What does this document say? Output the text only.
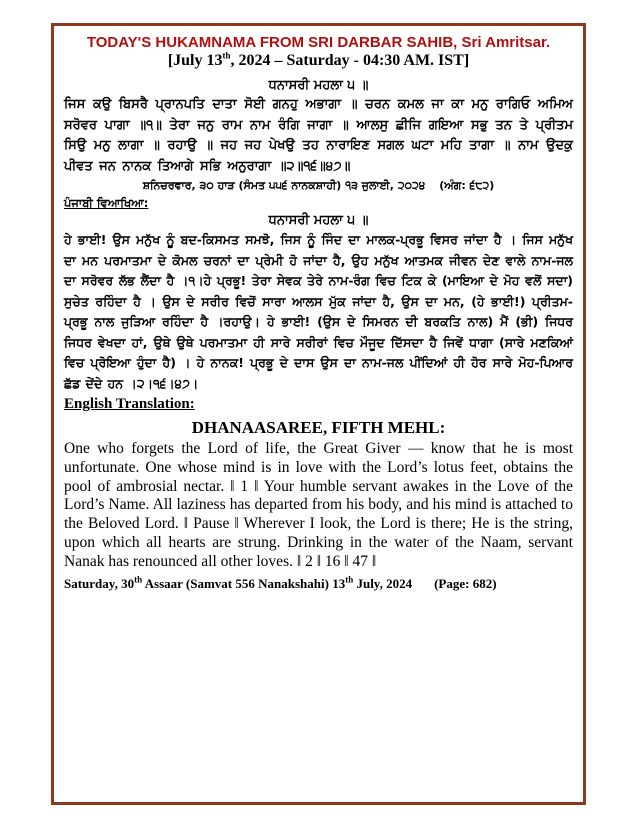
TODAY'S HUKAMNAMA FROM SRI DARBAR SAHIB, Sri Amritsar.
[July 13th, 2024 – Saturday - 04:30 AM. IST]
ਧਨਾਸਰੀ ਮਹਲਾ ੫ ॥
ਜਿਸ ਕਉ ਬਿਸਰੈ ਪ੍ਰਾਨਪਤਿ ਦਾਤਾ ਸੋਈ ਗਨਹੁ ਅਭਾਗਾ ॥ ਚਰਨ ਕਮਲ ਜਾ ਕਾ ਮਨੁ ਰਾਗਿਓ ਅਮਿਅ ਸਰੋਵਰ ਪਾਗਾ ॥੧॥ ਤੇਰਾ ਜਨੁ ਰਾਮ ਨਾਮ ਰੰਗਿ ਜਾਗਾ ॥ ਆਲਸੁ ਛੀਜਿ ਗਇਆ ਸਭੁ ਤਨ ਤੇ ਪ੍ਰੀਤਮ ਸਿਉ ਮਨੁ ਲਾਗਾ ॥ ਰਹਾਉ ॥ ਜਹ ਜਹ ਪੇਖਉ ਤਹ ਨਾਰਾਇਣ ਸਗਲ ਘਟਾ ਮਹਿ ਤਾਗਾ ॥ ਨਾਮ ਉਦਕੁ ਪੀਵਤ ਜਨ ਨਾਨਕ ਤਿਆਗੇ ਸਭਿ ਅਨੁਰਾਗਾ ॥੨॥੧੬॥੪੭॥
ਸ਼ਨਿਚਰਵਾਰ, ੩੦ ਹਾੜ (ਸੰਮਤ ੫੫੬ ਨਾਨਕਸ਼ਾਹੀ) ੧੩ ਜੁਲਾਈ, ੨੦੨੪ (ਅੰਗ: ੬੮੨)
ਪੰਜਾਬੀ ਵਿਆਖਿਆ:
ਧਨਾਸਰੀ ਮਹਲਾ ੫ ॥
ਹੇ ਭਾਈ! ਉਸ ਮਨੁੱਖ ਨੂੰ ਬਦ-ਕਿਸਮਤ ਸਮਝੋ, ਜਿਸ ਨੂੰ ਜਿੰਦ ਦਾ ਮਾਲਕ-ਪ੍ਰਭੂ ਵਿਸਰ ਜਾਂਦਾ ਹੈ । ਜਿਸ ਮਨੁੱਖ ਦਾ ਮਨ ਪਰਮਾਤਮਾ ਦੇ ਕੋਮਲ ਚਰਨਾਂ ਦਾ ਪ੍ਰੇਮੀ ਹੋ ਜਾਂਦਾ ਹੈ, ਉਹ ਮਨੁੱਖ ਆਤਮਕ ਜੀਵਨ ਦੇਣ ਵਾਲੇ ਨਾਮ-ਜਲ ਦਾ ਸਰੋਵਰ ਲੱਭ ਲੈਂਦਾ ਹੈ ।੧।ਹੇ ਪ੍ਰਭੂ! ਤੇਰਾ ਸੇਵਕ ਤੇਰੇ ਨਾਮ-ਰੰਗ ਵਿਚ ਟਿਕ ਕੇ (ਮਾਇਆ ਦੇ ਮੋਹ ਵਲੋਂ ਸਦਾ) ਸੁਚੇਤ ਰਹਿੰਦਾ ਹੈ । ਉਸ ਦੇ ਸਰੀਰ ਵਿਚੋਂ ਸਾਰਾ ਆਲਸ ਮੁੱਕ ਜਾਂਦਾ ਹੈ, ਉਸ ਦਾ ਮਨ, (ਹੇ ਭਾਈ!) ਪ੍ਰੀਤਮ-ਪ੍ਰਭੂ ਨਾਲ ਜੁੜਿਆ ਰਹਿੰਦਾ ਹੈ ।ਰਹਾਉ। ਹੇ ਭਾਈ! (ਉਸ ਦੇ ਸਿਮਰਨ ਦੀ ਬਰਕਤਿ ਨਾਲ) ਮੈਂ (ਭੀ) ਜਿਧਰ ਜਿਧਰ ਵੇਖਦਾ ਹਾਂ, ਉਥੇ ਉਥੇ ਪਰਮਾਤਮਾ ਹੀ ਸਾਰੇ ਸਰੀਰਾਂ ਵਿਚ ਮੌਜੂਦ ਦਿੱਸਦਾ ਹੈ ਜਿਵੇਂ ਧਾਗਾ (ਸਾਰੇ ਮਣਕਿਆਂ ਵਿਚ ਪ੍ਰੋਇਆ ਹੁੰਦਾ ਹੈ) । ਹੇ ਨਾਨਕ! ਪ੍ਰਭੂ ਦੇ ਦਾਸ ਉਸ ਦਾ ਨਾਮ-ਜਲ ਪੀਂਦਿਆਂ ਹੀ ਹੋਰ ਸਾਰੇ ਮੋਹ-ਪਿਆਰ ਛੱਡ ਦੇਂਦੇ ਹਨ ।੨।੧੬।੪੭।
English Translation:
DHANAASAREE, FIFTH MEHL:
One who forgets the Lord of life, the Great Giver — know that he is most unfortunate. One whose mind is in love with the Lord’s lotus feet, obtains the pool of ambrosial nectar. ‖ 1 ‖ Your humble servant awakes in the Love of the Lord’s Name. All laziness has departed from his body, and his mind is attached to the Beloved Lord. ‖ Pause ‖ Wherever I look, the Lord is there; He is the string, upon which all hearts are strung. Drinking in the water of the Naam, servant Nanak has renounced all other loves. ‖ 2 ‖ 16 ‖ 47 ‖
Saturday, 30th Assaar (Samvat 556 Nanakshahi) 13th July, 2024 (Page: 682)
